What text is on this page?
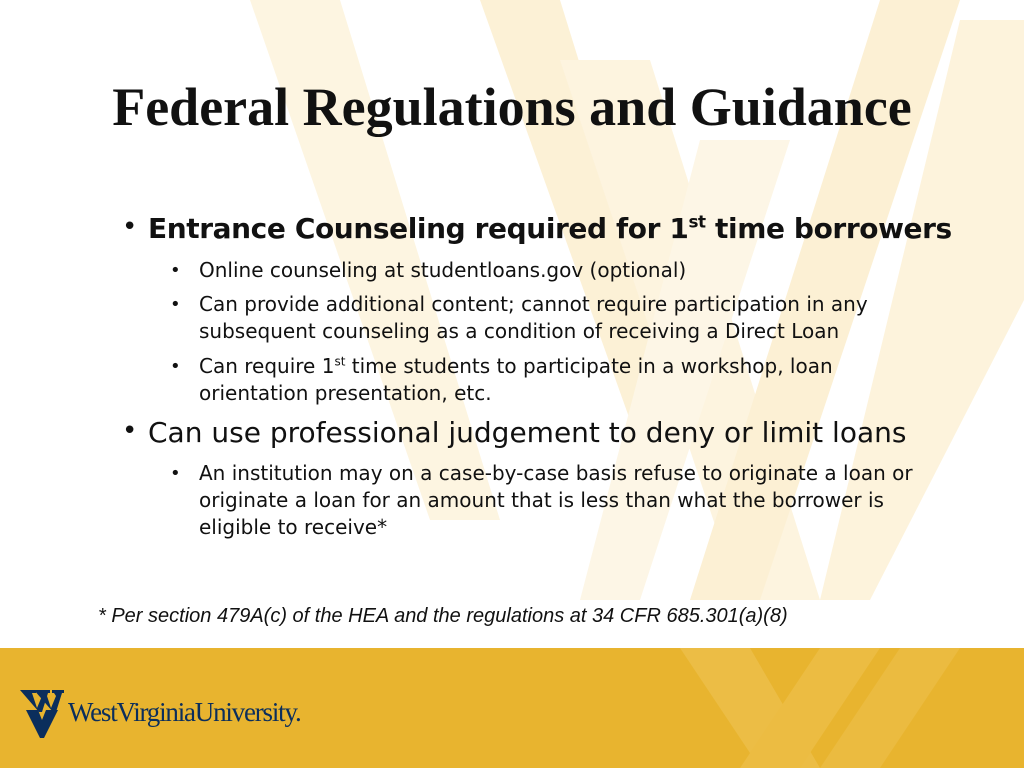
Federal Regulations and Guidance
• Entrance Counseling required for 1st time borrowers
• Online counseling at studentloans.gov (optional)
• Can provide additional content; cannot require participation in any subsequent counseling as a condition of receiving a Direct Loan
• Can require 1st time students to participate in a workshop, loan orientation presentation, etc.
• Can use professional judgement to deny or limit loans
• An institution may on a case-by-case basis refuse to originate a loan or originate a loan for an amount that is less than what the borrower is eligible to receive*
* Per section 479A(c) of the HEA and the regulations at 34 CFR 685.301(a)(8)
WestVirginiaUniversity.
